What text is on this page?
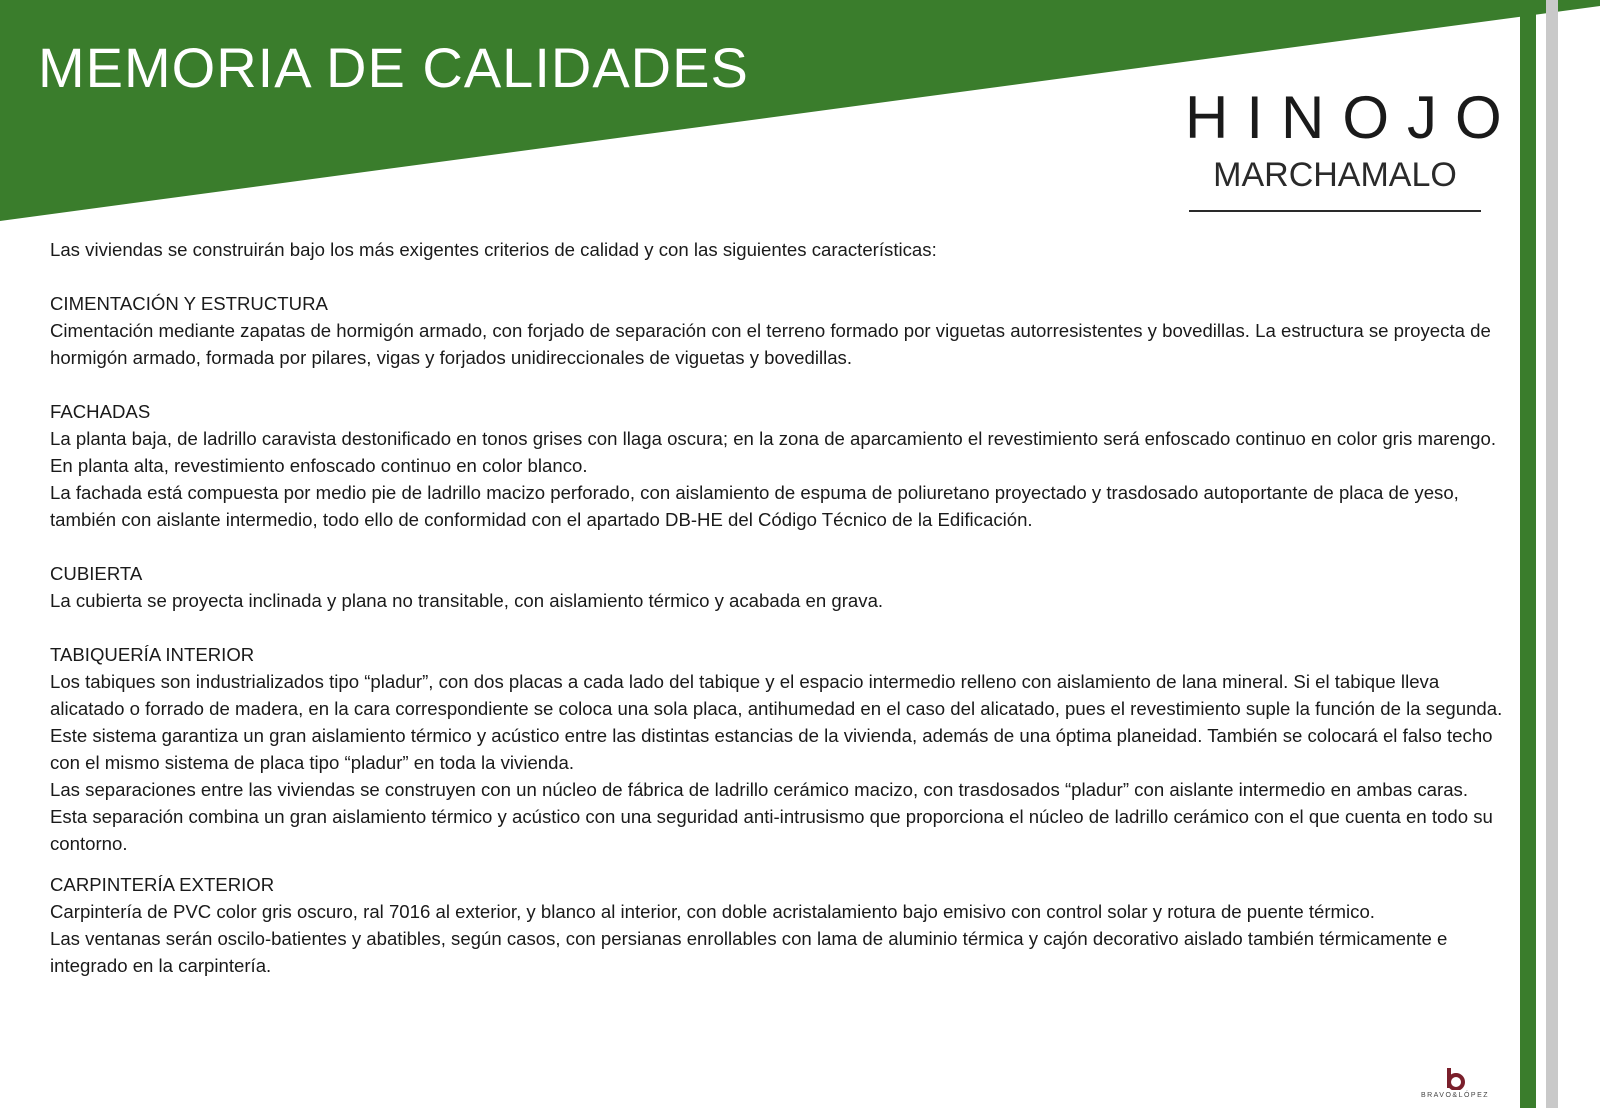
MEMORIA DE CALIDADES
HINOJO
MARCHAMALO

Las viviendas se construirán bajo los más exigentes criterios de calidad y con las siguientes características:

CIMENTACIÓN Y ESTRUCTURA

Cimentación mediante zapatas de hormigón armado, con forjado de separación con el terreno formado por viguetas autorresistentes y bovedillas. La estructura se proyecta de hormigón armado, formada por pilares, vigas y forjados unidireccionales de viguetas y bovedillas.

FACHADAS

La planta baja, de ladrillo caravista destonificado en tonos grises con llaga oscura; en la zona de aparcamiento el revestimiento será enfoscado continuo en color gris marengo.

En planta alta, revestimiento enfoscado continuo en color blanco.

La fachada está compuesta por medio pie de ladrillo macizo perforado, con aislamiento de espuma de poliuretano proyectado y trasdosado autoportante de placa de yeso, también con aislante intermedio, todo ello de conformidad con el apartado DB-HE del Código Técnico de la Edificación.

CUBIERTA

La cubierta se proyecta inclinada y plana no transitable, con aislamiento térmico y acabada en grava.

TABIQUERÍA INTERIOR

Los tabiques son industrializados tipo “pladur”, con dos placas a cada lado del tabique y el espacio intermedio relleno con aislamiento de lana mineral. Si el tabique lleva alicatado o forrado de madera, en la cara correspondiente se coloca una sola placa, antihumedad en el caso del alicatado, pues el revestimiento suple la función de la segunda. Este sistema garantiza un gran aislamiento térmico y acústico entre las distintas estancias de la vivienda, además de una óptima planeidad. También se colocará el falso techo con el mismo sistema de placa tipo “pladur” en toda la vivienda.

Las separaciones entre las viviendas se construyen con un núcleo de fábrica de ladrillo cerámico macizo, con trasdosados “pladur” con aislante intermedio en ambas caras. Esta separación combina un gran aislamiento térmico y acústico con una seguridad anti-intrusismo que proporciona el núcleo de ladrillo cerámico con el que cuenta en todo su contorno.

CARPINTERÍA EXTERIOR

Carpintería de PVC color gris oscuro, ral 7016 al exterior, y blanco al interior, con doble acristalamiento bajo emisivo con control solar y rotura de puente térmico.

Las ventanas serán oscilo-batientes y abatibles, según casos, con persianas enrollables con lama de aluminio térmica y cajón decorativo aislado también térmicamente e integrado en la carpintería.

BRAVO&LÓPEZ
